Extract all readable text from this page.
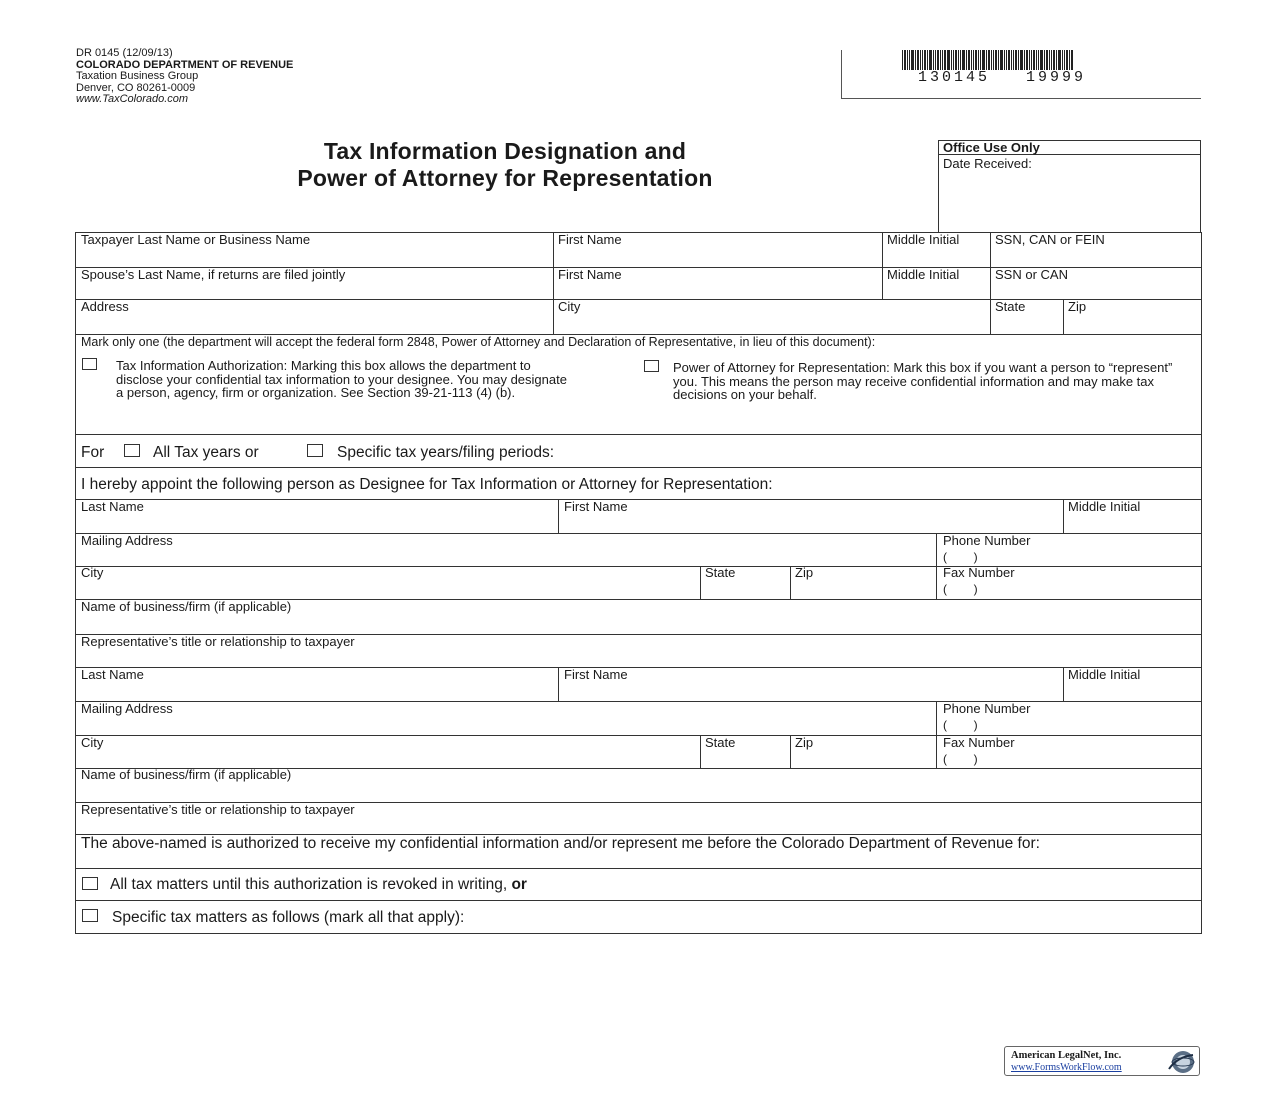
DR 0145 (12/09/13)
COLORADO DEPARTMENT OF REVENUE
Taxation Business Group
Denver, CO 80261-0009
www.TaxColorado.com
130145   19999
Tax Information Designation and
Power of Attorney for Representation
Office Use Only
Date Received:
Taxpayer Last Name or Business Name	First Name	Middle Initial	SSN, CAN or FEIN
Spouse’s Last Name, if returns are filed jointly	First Name	Middle Initial	SSN or CAN
Address	City	State	Zip
Mark only one (the department will accept the federal form 2848, Power of Attorney and Declaration of Representative, in lieu of this document):
Tax Information Authorization: Marking this box allows the department to disclose your confidential tax information to your designee. You may designate a person, agency, firm or organization. See Section 39-21-113 (4) (b).
Power of Attorney for Representation: Mark this box if you want a person to “represent” you. This means the person may receive confidential information and may make tax decisions on your behalf.
For	All Tax years or	Specific tax years/filing periods:
I hereby appoint the following person as Designee for Tax Information or Attorney for Representation:
Last Name	First Name	Middle Initial
Mailing Address	Phone Number
(        )
City	State	Zip	Fax Number
(        )
Name of business/firm (if applicable)
Representative’s title or relationship to taxpayer
Last Name	First Name	Middle Initial
Mailing Address	Phone Number
(        )
City	State	Zip	Fax Number
(        )
Name of business/firm (if applicable)
Representative’s title or relationship to taxpayer
The above-named is authorized to receive my confidential information and/or represent me before the Colorado Department of Revenue for:
All tax matters until this authorization is revoked in writing, or
Specific tax matters as follows (mark all that apply):
American LegalNet, Inc.
www.FormsWorkFlow.com
